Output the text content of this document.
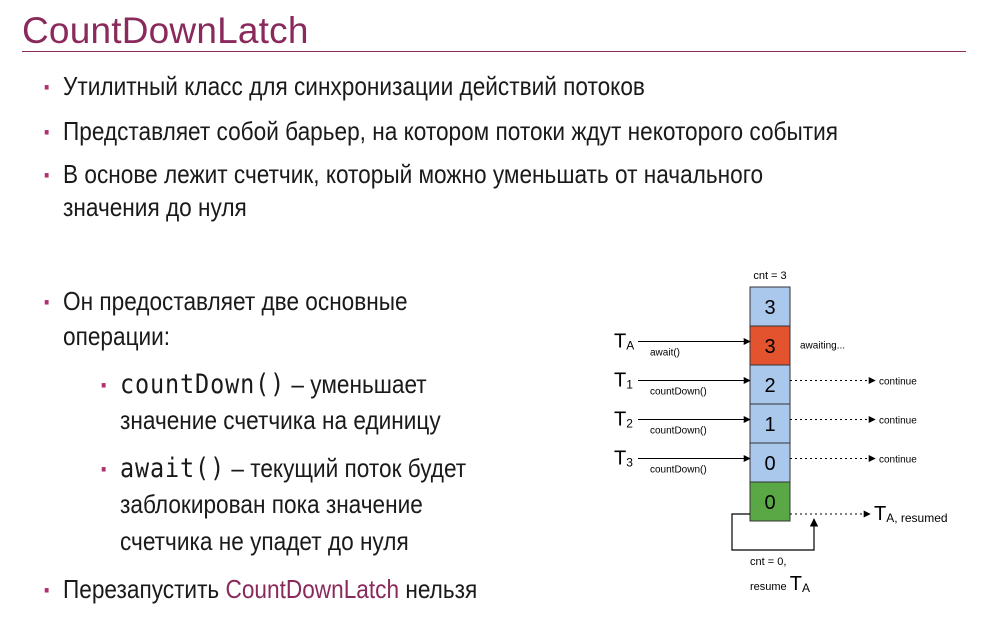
CountDownLatch
▪ Утилитный класс для синхронизации действий потоков
▪ Представляет собой барьер, на котором потоки ждут некоторого события
▪ В основе лежит счетчик, который можно уменьшать от начального
значения до нуля
▪ Он предоставляет две основные
операции:
▪ countDown() – уменьшает
значение счетчика на единицу
▪ await() – текущий поток будет
заблокирован пока значение
счетчика не упадет до нуля
▪ Перезапустить CountDownLatch нельзя
cnt = 3
3
3
2
1
0
0
TA
await()
awaiting...
T1
countDown()
continue
T2
countDown()
continue
T3
countDown()
continue
TA, resumed
cnt = 0,
resume TA
